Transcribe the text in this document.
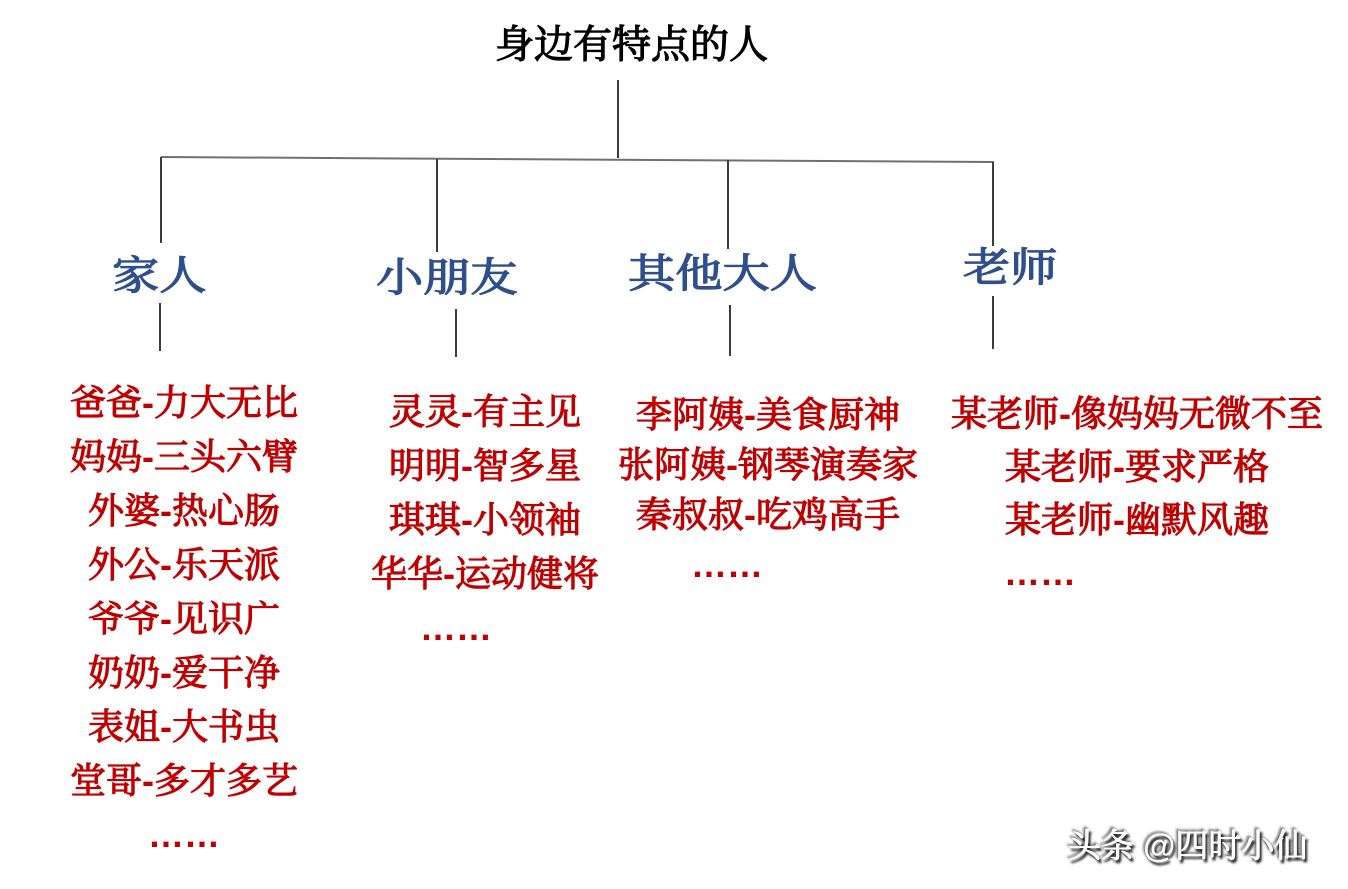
身边有特点的人
家人	小朋友	其他大人	老师
爸爸-力大无比
妈妈-三头六臂
外婆-热心肠
外公-乐天派
爷爷-见识广
奶奶-爱干净
表姐-大书虫
堂哥-多才多艺
……
灵灵-有主见
明明-智多星
琪琪-小领袖
华华-运动健将
……
李阿姨-美食厨神
张阿姨-钢琴演奏家
秦叔叔-吃鸡高手
……
某老师-像妈妈无微不至
某老师-要求严格
某老师-幽默风趣
……
头条 @四时小仙
